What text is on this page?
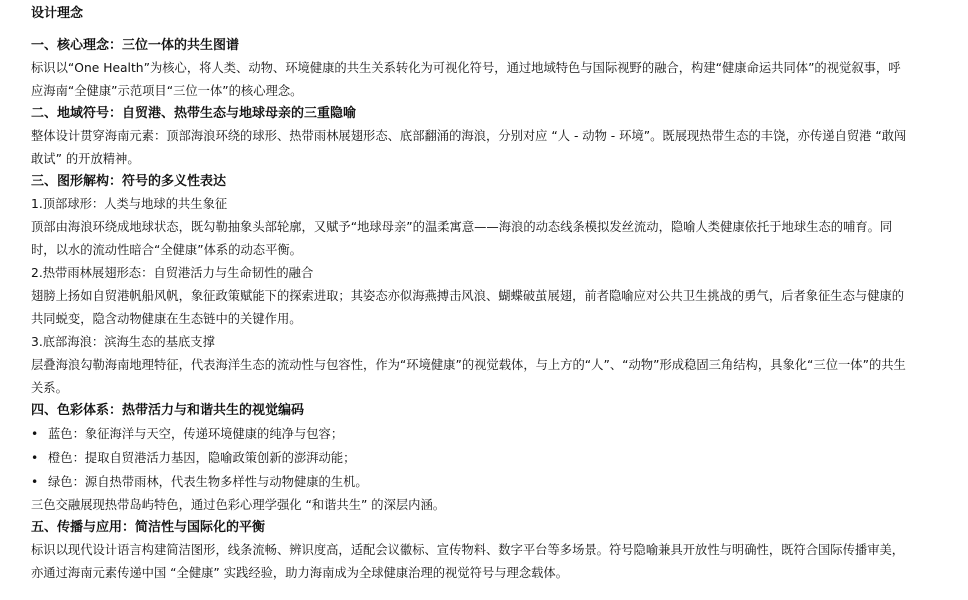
设计理念
一、核心理念：三位一体的共生图谱
标识以“One Health”为核心，将人类、动物、环境健康的共生关系转化为可视化符号，通过地域特色与国际视野的融合，构建“健康命运共同体”的视觉叙事，呼应海南“全健康”示范项目“三位一体”的核心理念。
二、地域符号：自贸港、热带生态与地球母亲的三重隐喻
整体设计贯穿海南元素：顶部海浪环绕的球形、热带雨林展翅形态、底部翻涌的海浪，分别对应 “人 - 动物 - 环境”。既展现热带生态的丰饶，亦传递自贸港 “敢闯敢试” 的开放精神。
三、图形解构：符号的多义性表达
1.顶部球形：人类与地球的共生象征
顶部由海浪环绕成地球状态，既勾勒抽象头部轮廓，又赋予“地球母亲”的温柔寓意——海浪的动态线条模拟发丝流动，隐喻人类健康依托于地球生态的哺育。同时，以水的流动性暗合“全健康”体系的动态平衡。
2.热带雨林展翅形态：自贸港活力与生命韧性的融合
翅膀上扬如自贸港帆船风帆，象征政策赋能下的探索进取；其姿态亦似海燕搏击风浪、蝴蝶破茧展翅，前者隐喻应对公共卫生挑战的勇气，后者象征生态与健康的共同蜕变，隐含动物健康在生态链中的关键作用。
3.底部海浪：滨海生态的基底支撑
层叠海浪勾勒海南地理特征，代表海洋生态的流动性与包容性，作为“环境健康”的视觉载体，与上方的“人”、“动物”形成稳固三角结构，具象化“三位一体”的共生关系。
四、色彩体系：热带活力与和谐共生的视觉编码
• 蓝色：象征海洋与天空，传递环境健康的纯净与包容；
• 橙色：提取自贸港活力基因，隐喻政策创新的澎湃动能；
• 绿色：源自热带雨林，代表生物多样性与动物健康的生机。
三色交融展现热带岛屿特色，通过色彩心理学强化 “和谐共生” 的深层内涵。
五、传播与应用：简洁性与国际化的平衡
标识以现代设计语言构建简洁图形，线条流畅、辨识度高，适配会议徽标、宣传物料、数字平台等多场景。符号隐喻兼具开放性与明确性，既符合国际传播审美，亦通过海南元素传递中国 “全健康” 实践经验，助力海南成为全球健康治理的视觉符号与理念载体。
